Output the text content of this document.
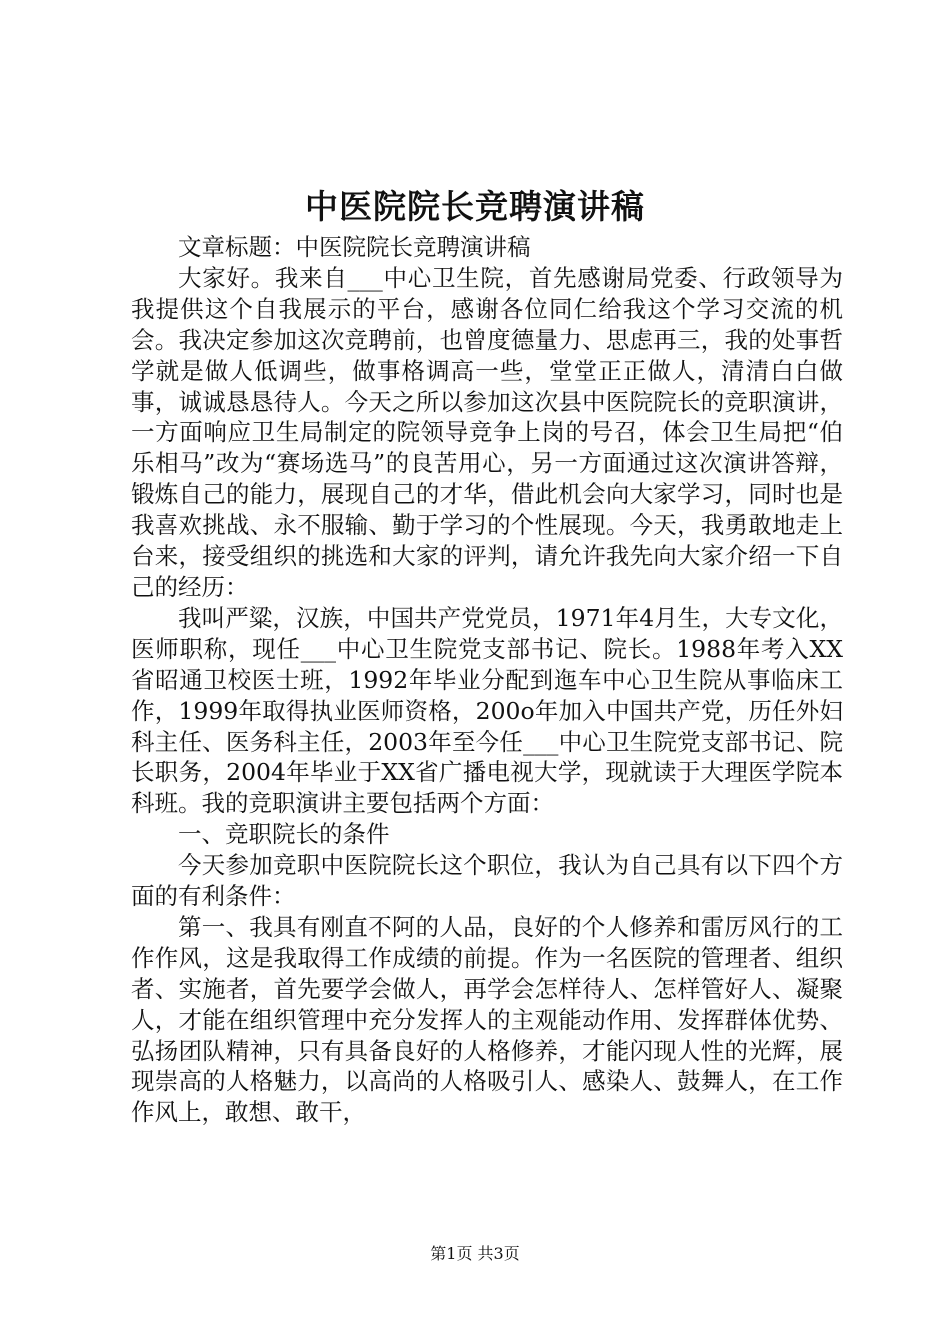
中医院院长竞聘演讲稿

文章标题：中医院院长竞聘演讲稿

大家好。我来自___中心卫生院，首先感谢局党委、行政领导为我提供这个自我展示的平台，感谢各位同仁给我这个学习交流的机会。我决定参加这次竞聘前，也曾度德量力、思虑再三，我的处事哲学就是做人低调些，做事格调高一些，堂堂正正做人，清清白白做事，诚诚恳恳待人。今天之所以参加这次县中医院院长的竞职演讲，一方面响应卫生局制定的院领导竞争上岗的号召，体会卫生局把“伯乐相马”改为“赛场选马”的良苦用心，另一方面通过这次演讲答辩，锻炼自己的能力，展现自己的才华，借此机会向大家学习，同时也是我喜欢挑战、永不服输、勤于学习的个性展现。今天，我勇敢地走上台来，接受组织的挑选和大家的评判，请允许我先向大家介绍一下自己的经历：

我叫严粱，汉族，中国共产党党员，1971年4月生，大专文化，医师职称，现任___中心卫生院党支部书记、院长。1988年考入XX省昭通卫校医士班，1992年毕业分配到迤车中心卫生院从事临床工作，1999年取得执业医师资格，200o年加入中国共产党，历任外妇科主任、医务科主任，2003年至今任___中心卫生院党支部书记、院长职务，2004年毕业于XX省广播电视大学，现就读于大理医学院本科班。我的竞职演讲主要包括两个方面：

一、竞职院长的条件

今天参加竞职中医院院长这个职位，我认为自己具有以下四个方面的有利条件：

第一、我具有刚直不阿的人品，良好的个人修养和雷厉风行的工作作风，这是我取得工作成绩的前提。作为一名医院的管理者、组织者、实施者，首先要学会做人，再学会怎样待人、怎样管好人、凝聚人，才能在组织管理中充分发挥人的主观能动作用、发挥群体优势、弘扬团队精神，只有具备良好的人格修养，才能闪现人性的光辉，展现崇高的人格魅力，以高尚的人格吸引人、感染人、鼓舞人，在工作作风上，敢想、敢干，

第1页 共3页
